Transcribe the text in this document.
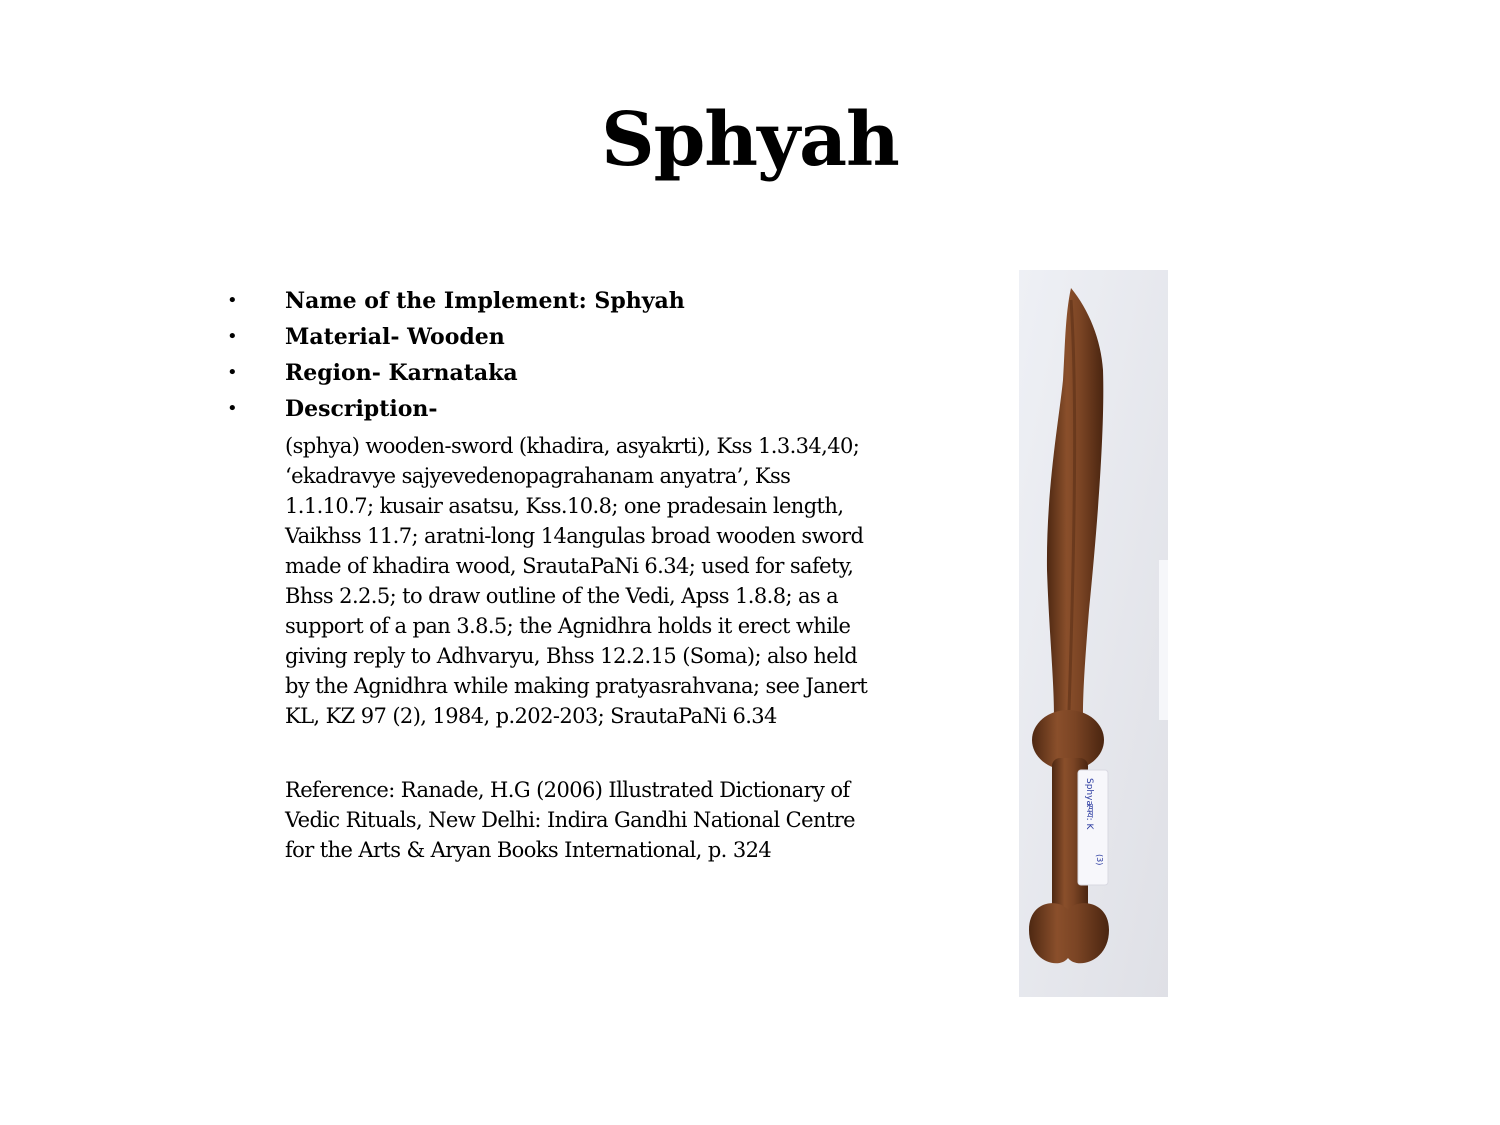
Sphyah
• Name of the Implement: Sphyah
• Material- Wooden
• Region- Karnataka
• Description-

(sphya) wooden-sword (khadira, asyakrti), Kss 1.3.34,40; ‘ekadravye sajyevedenopagrahanam anyatra’, Kss 1.1.10.7; kusair asatsu, Kss.10.8; one pradesain length, Vaikhss 11.7; aratni-long 14angulas broad wooden sword made of khadira wood, SrautaPaNi 6.34; used for safety, Bhss 2.2.5; to draw outline of the Vedi, Apss 1.8.8; as a support of a pan 3.8.5; the Agnidhra holds it erect while giving reply to Adhvaryu, Bhss 12.2.15 (Soma); also held by the Agnidhra while making pratyasrahvana; see Janert KL, KZ 97 (2), 1984, p.202-203; SrautaPaNi 6.34

Reference: Ranade, H.G (2006) Illustrated Dictionary of Vedic Rituals, New Delhi: Indira Gandhi National Centre for the Arts & Aryan Books International, p. 324

Sphya
स्फ्य: K
(3)
